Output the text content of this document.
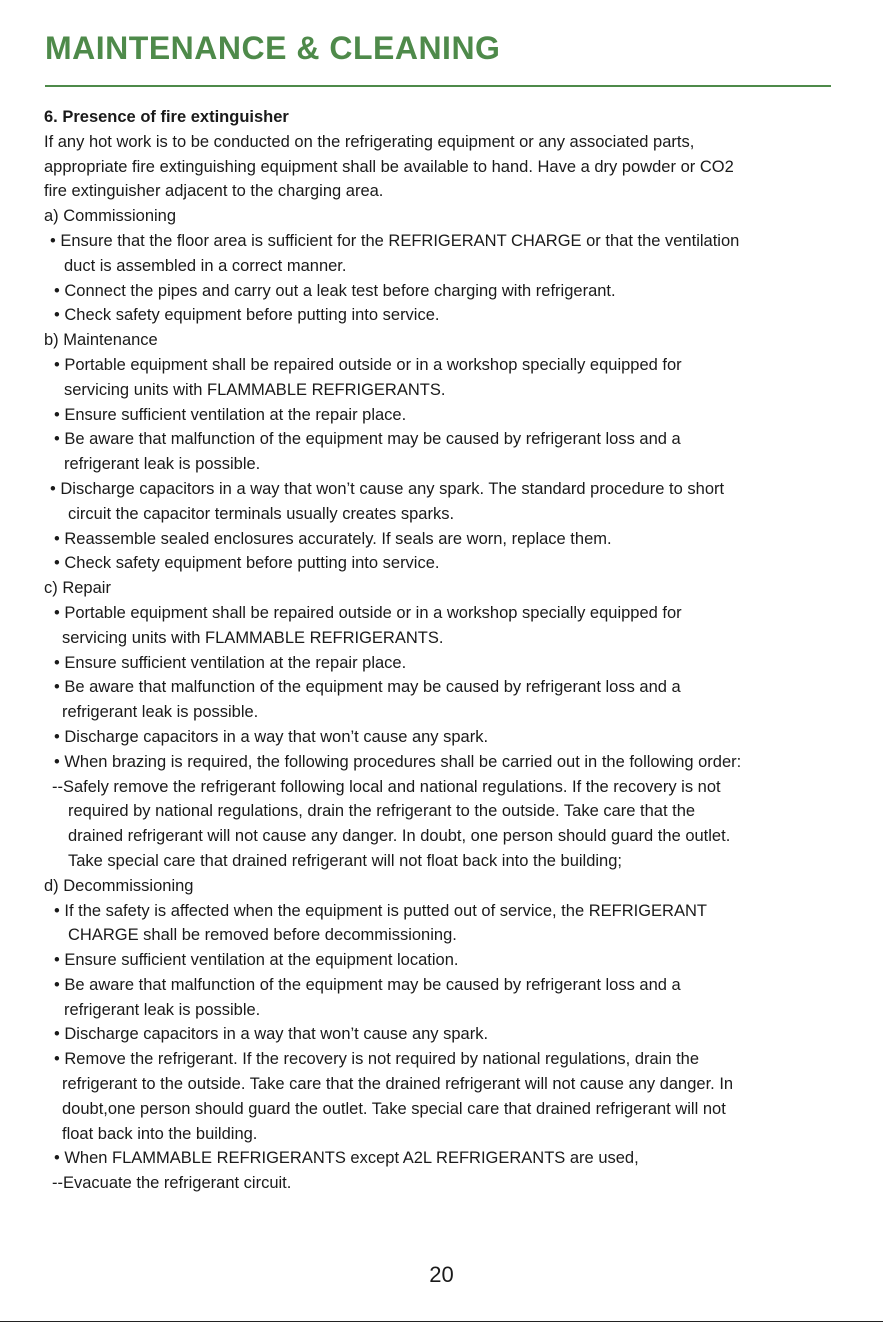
MAINTENANCE & CLEANING
6. Presence of fire extinguisher
If any hot work is to be conducted on the refrigerating equipment or any associated parts,
appropriate fire extinguishing equipment shall be available to hand. Have a dry powder or CO2
fire extinguisher adjacent to the charging area.
a) Commissioning
• Ensure that the floor area is sufficient for the REFRIGERANT CHARGE or that the ventilation
duct is assembled in a correct manner.
• Connect the pipes and carry out a leak test before charging with refrigerant.
• Check safety equipment before putting into service.
b) Maintenance
• Portable equipment shall be repaired outside or in a workshop specially equipped for
servicing units with FLAMMABLE REFRIGERANTS.
• Ensure sufficient ventilation at the repair place.
• Be aware that malfunction of the equipment may be caused by refrigerant loss and a
refrigerant leak is possible.
• Discharge capacitors in a way that won’t cause any spark. The standard procedure to short
circuit the capacitor terminals usually creates sparks.
• Reassemble sealed enclosures accurately. If seals are worn, replace them.
• Check safety equipment before putting into service.
c) Repair
• Portable equipment shall be repaired outside or in a workshop specially equipped for
servicing units with FLAMMABLE REFRIGERANTS.
• Ensure sufficient ventilation at the repair place.
• Be aware that malfunction of the equipment may be caused by refrigerant loss and a
refrigerant leak is possible.
• Discharge capacitors in a way that won’t cause any spark.
• When brazing is required, the following procedures shall be carried out in the following order:
--Safely remove the refrigerant following local and national regulations. If the recovery is not
required by national regulations, drain the refrigerant to the outside. Take care that the
drained refrigerant will not cause any danger. In doubt, one person should guard the outlet.
Take special care that drained refrigerant will not float back into the building;
d) Decommissioning
• If the safety is affected when the equipment is putted out of service, the REFRIGERANT
CHARGE shall be removed before decommissioning.
• Ensure sufficient ventilation at the equipment location.
• Be aware that malfunction of the equipment may be caused by refrigerant loss and a
refrigerant leak is possible.
• Discharge capacitors in a way that won’t cause any spark.
• Remove the refrigerant. If the recovery is not required by national regulations, drain the
refrigerant to the outside. Take care that the drained refrigerant will not cause any danger. In
doubt,one person should guard the outlet. Take special care that drained refrigerant will not
float back into the building.
• When FLAMMABLE REFRIGERANTS except A2L REFRIGERANTS are used,
--Evacuate the refrigerant circuit.
20
